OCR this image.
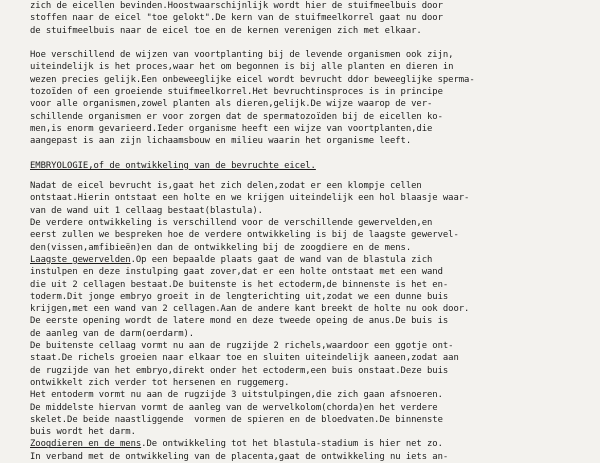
zich de eicellen bevinden.Hoostwaarschijnlijk wordt hier de stuifmeelbuis door
stoffen naar de eicel "toe gelokt".De kern van de stuifmeelkorrel gaat nu door
de stuifmeelbuis naar de eicel toe en de kernen verenigen zich met elkaar.
Hoe verschillend de wijzen van voortplanting bij de levende organismen ook zijn,
uiteindelijk is het proces,waar het om begonnen is bij alle planten en dieren in
wezen precies gelijk.Een onbeweeglijke eicel wordt bevrucht ddor beweeglijke sperma-
tozoïden of een groeiende stuifmeelkorrel.Het bevruchtinsproces is in principe
voor alle organismen,zowel planten als dieren,gelijk.De wijze waarop de ver-
schillende organismen er voor zorgen dat de spermatozoïden bij de eicellen ko-
men,is enorm gevarieerd.Ieder organisme heeft een wijze van voortplanten,die
aangepast is aan zijn lichaamsbouw en milieu waarin het organisme leeft.
EMBRYOLOGIE,of de ontwikkeling van de bevruchte eicel.
Nadat de eicel bevrucht is,gaat het zich delen,zodat er een klompje cellen
ontstaat.Hierin ontstaat een holte en we krijgen uiteindelijk een hol blaasje waar-
van de wand uit 1 cellaag bestaat(blastula).
De verdere ontwikkeling is verschillend voor de verschillende gewervelden,en
eerst zullen we bespreken hoe de verdere ontwikkeling is bij de laagste gewervel-
den(vissen,amfibieën)en dan de ontwikkeling bij de zoogdiere en de mens.
Laagste gewervelden.Op een bepaalde plaats gaat de wand van de blastula zich
instulpen en deze instulping gaat zover,dat er een holte ontstaat met een wand
die uit 2 cellagen bestaat.De buitenste is het ectoderm,de binnenste is het en-
toderm.Dit jonge embryo groeit in de lengterichting uit,zodat we een dunne buis
krijgen,met een wand van 2 cellagen.Aan de andere kant breekt de holte nu ook door.
De eerste opening wordt de latere mond en deze tweede opeing de anus.De buis is
de aanleg van de darm(oerdarm).
De buitenste cellaag vormt nu aan de rugzijde 2 richels,waardoor een ggotje ont-
staat.De richels groeien naar elkaar toe en sluiten uiteindelijk aaneen,zodat aan
de rugzijde van het embryo,direkt onder het ectoderm,een buis onstaat.Deze buis
ontwikkelt zich verder tot hersenen en ruggemerg.
Het entoderm vormt nu aan de rugzijde 3 uitstulpingen,die zich gaan afsnoeren.
De middelste hiervan vormt de aanleg van de wervelkolom(chorda)en het verdere
skelet.De beide naastliggende  vormen de spieren en de bloedvaten.De binnenste
buis wordt het darm.
Zoogdieren en de mens.De ontwikkeling tot het blastula-stadium is hier net zo.
In verband met de ontwikkeling van de placenta,gaat de ontwikkeling nu iets an-
